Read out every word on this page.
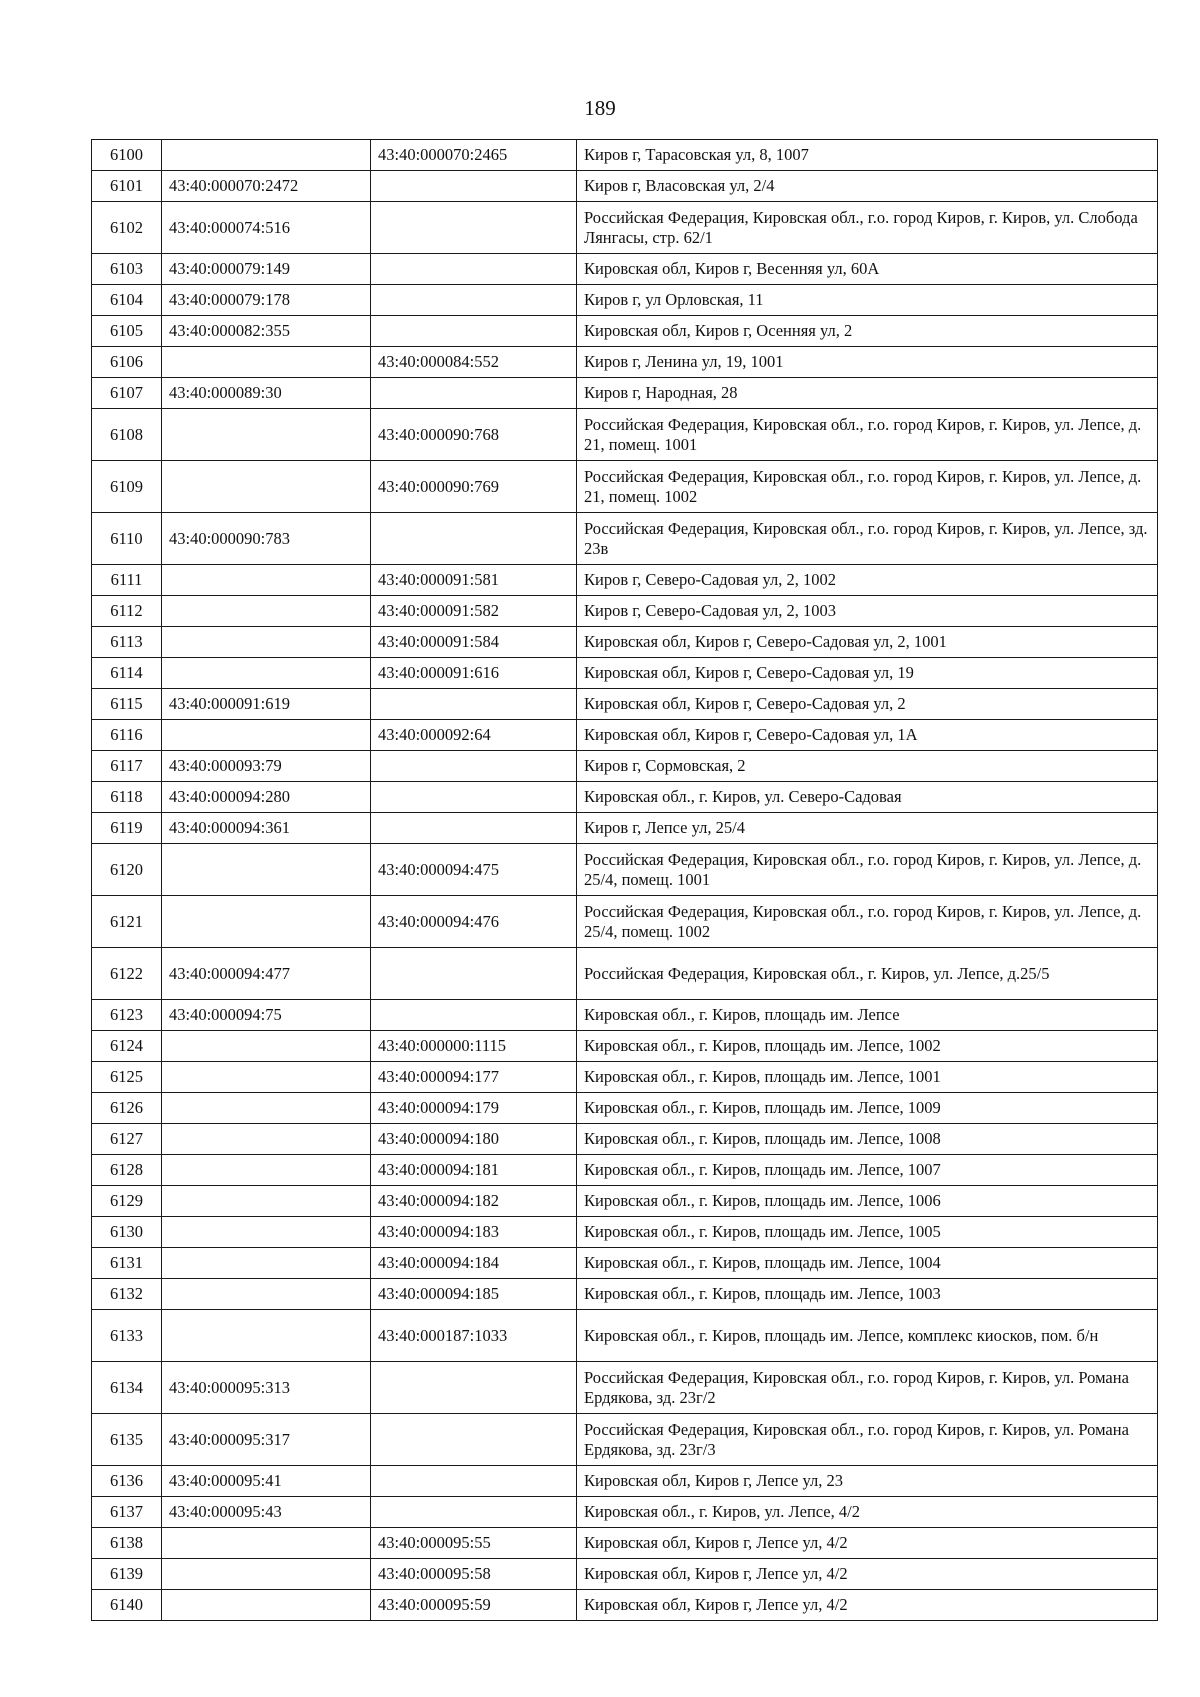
189
6100		43:40:000070:2465	Киров г, Тарасовская ул, 8, 1007
6101	43:40:000070:2472		Киров г, Власовская ул, 2/4
6102	43:40:000074:516		Российская Федерация, Кировская обл., г.о. город Киров, г. Киров, ул. Слобода Лянгасы, стр. 62/1
6103	43:40:000079:149		Кировская обл, Киров г, Весенняя ул, 60А
6104	43:40:000079:178		Киров г, ул Орловская, 11
6105	43:40:000082:355		Кировская обл, Киров г, Осенняя ул, 2
6106		43:40:000084:552	Киров г, Ленина ул, 19, 1001
6107	43:40:000089:30		Киров г, Народная, 28
6108		43:40:000090:768	Российская Федерация, Кировская обл., г.о. город Киров, г. Киров, ул. Лепсе, д. 21, помещ. 1001
6109		43:40:000090:769	Российская Федерация, Кировская обл., г.о. город Киров, г. Киров, ул. Лепсе, д. 21, помещ. 1002
6110	43:40:000090:783		Российская Федерация, Кировская обл., г.о. город Киров, г. Киров, ул. Лепсе, зд. 23в
6111		43:40:000091:581	Киров г, Северо-Садовая ул, 2, 1002
6112		43:40:000091:582	Киров г, Северо-Садовая ул, 2, 1003
6113		43:40:000091:584	Кировская обл, Киров г, Северо-Садовая ул, 2, 1001
6114		43:40:000091:616	Кировская обл, Киров г, Северо-Садовая ул, 19
6115	43:40:000091:619		Кировская обл, Киров г, Северо-Садовая ул, 2
6116		43:40:000092:64	Кировская обл, Киров г, Северо-Садовая ул, 1А
6117	43:40:000093:79		Киров г, Сормовская, 2
6118	43:40:000094:280		Кировская обл., г. Киров, ул. Северо-Садовая
6119	43:40:000094:361		Киров г, Лепсе ул, 25/4
6120		43:40:000094:475	Российская Федерация, Кировская обл., г.о. город Киров, г. Киров, ул. Лепсе, д. 25/4, помещ. 1001
6121		43:40:000094:476	Российская Федерация, Кировская обл., г.о. город Киров, г. Киров, ул. Лепсе, д. 25/4, помещ. 1002
6122	43:40:000094:477		Российская Федерация, Кировская обл., г. Киров, ул. Лепсе, д.25/5
6123	43:40:000094:75		Кировская обл., г. Киров, площадь им. Лепсе
6124		43:40:000000:1115	Кировская обл., г. Киров, площадь им. Лепсе, 1002
6125		43:40:000094:177	Кировская обл., г. Киров, площадь им. Лепсе, 1001
6126		43:40:000094:179	Кировская обл., г. Киров, площадь им. Лепсе, 1009
6127		43:40:000094:180	Кировская обл., г. Киров, площадь им. Лепсе, 1008
6128		43:40:000094:181	Кировская обл., г. Киров, площадь им. Лепсе, 1007
6129		43:40:000094:182	Кировская обл., г. Киров, площадь им. Лепсе, 1006
6130		43:40:000094:183	Кировская обл., г. Киров, площадь им. Лепсе, 1005
6131		43:40:000094:184	Кировская обл., г. Киров, площадь им. Лепсе, 1004
6132		43:40:000094:185	Кировская обл., г. Киров, площадь им. Лепсе, 1003
6133		43:40:000187:1033	Кировская обл., г. Киров, площадь им. Лепсе, комплекс киосков, пом. б/н
6134	43:40:000095:313		Российская Федерация, Кировская обл., г.о. город Киров, г. Киров, ул. Романа Ердякова, зд. 23г/2
6135	43:40:000095:317		Российская Федерация, Кировская обл., г.о. город Киров, г. Киров, ул. Романа Ердякова, зд. 23г/3
6136	43:40:000095:41		Кировская обл, Киров г, Лепсе ул, 23
6137	43:40:000095:43		Кировская обл., г. Киров, ул. Лепсе, 4/2
6138		43:40:000095:55	Кировская обл, Киров г, Лепсе ул, 4/2
6139		43:40:000095:58	Кировская обл, Киров г, Лепсе ул, 4/2
6140		43:40:000095:59	Кировская обл, Киров г, Лепсе ул, 4/2
